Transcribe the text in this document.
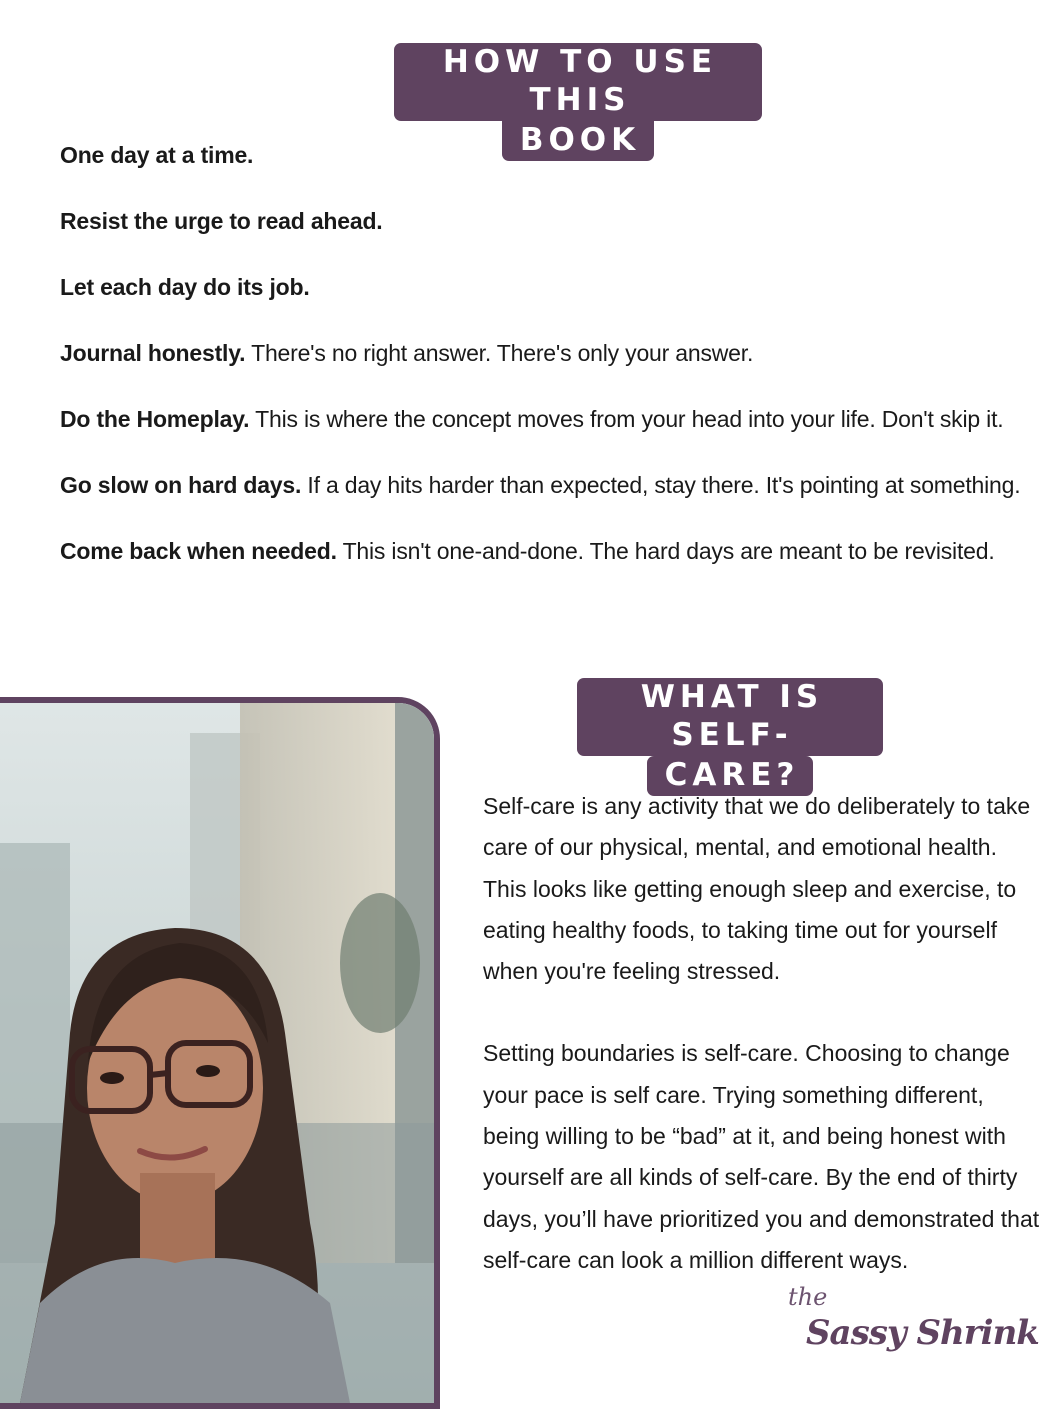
HOW TO USE THIS
BOOK

One day at a time.

Resist the urge to read ahead.

Let each day do its job.

Journal honestly. There's no right answer. There's only your answer.

Do the Homeplay. This is where the concept moves from your head into your life. Don't skip it.

Go slow on hard days. If a day hits harder than expected, stay there. It's pointing at something.

Come back when needed. This isn't one-and-done. The hard days are meant to be revisited.

WHAT IS SELF-
CARE?

Self-care is any activity that we do deliberately to take care of our physical, mental, and emotional health. This looks like getting enough sleep and exercise, to eating healthy foods, to taking time out for yourself when you're feeling stressed.

Setting boundaries is self-care. Choosing to change your pace is self care. Trying something different, being willing to be “bad” at it, and being honest with yourself are all kinds of self-care. By the end of thirty days, you’ll have prioritized you and demonstrated that self-care can look a million different ways.

the
Sassy Shrink
